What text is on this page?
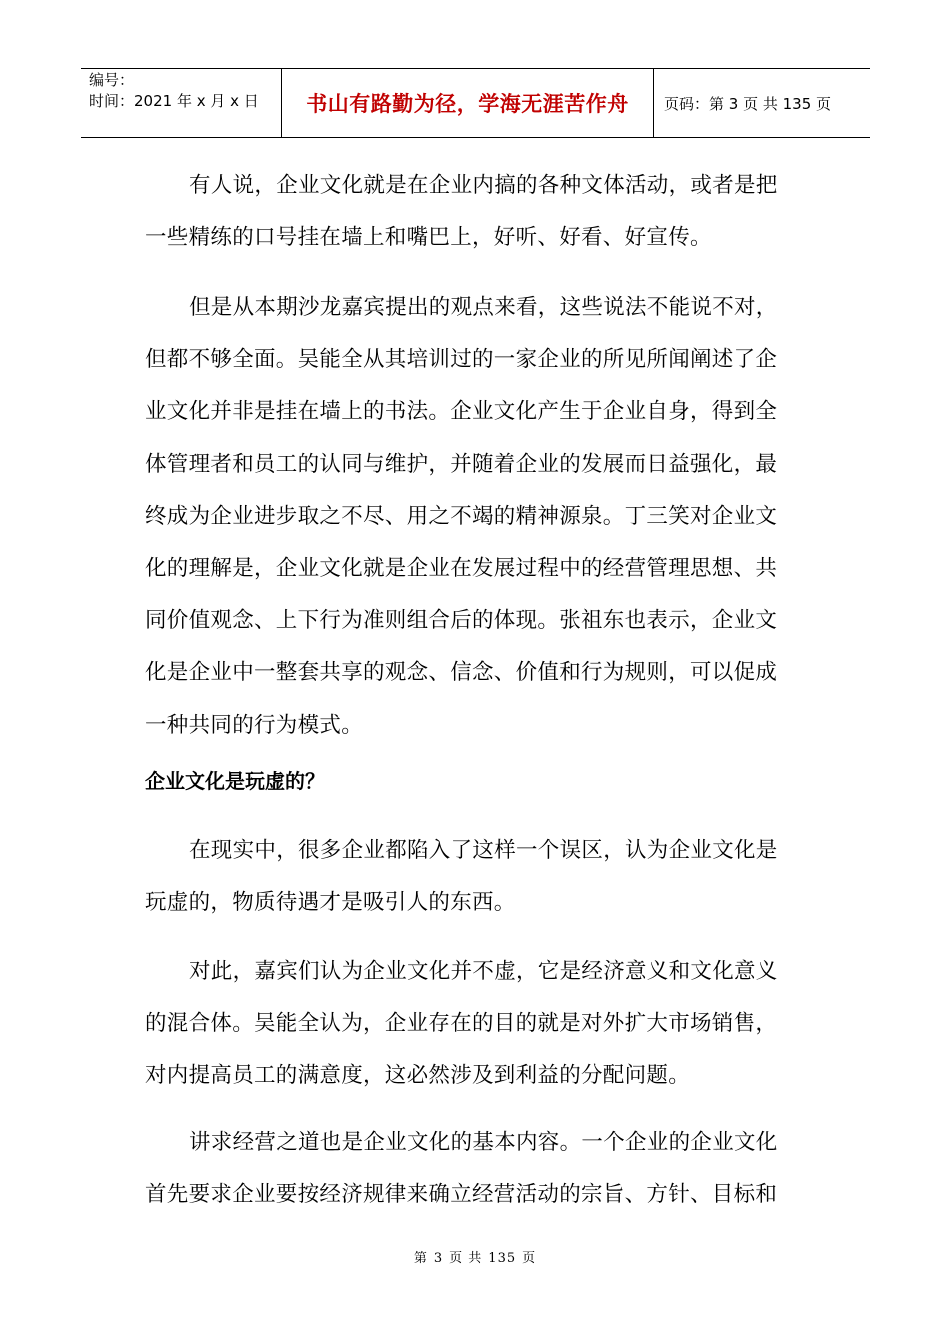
编号：
时间：2021 年 x 月 x 日 书山有路勤为径，学海无涯苦作舟 页码：第 3 页 共 135 页
有人说，企业文化就是在企业内搞的各种文体活动，或者是把
一些精练的口号挂在墙上和嘴巴上，好听、好看、好宣传。
但是从本期沙龙嘉宾提出的观点来看，这些说法不能说不对，
但都不够全面。吴能全从其培训过的一家企业的所见所闻阐述了企
业文化并非是挂在墙上的书法。企业文化产生于企业自身，得到全
体管理者和员工的认同与维护，并随着企业的发展而日益强化，最
终成为企业进步取之不尽、用之不竭的精神源泉。丁三笑对企业文
化的理解是，企业文化就是企业在发展过程中的经营管理思想、共
同价值观念、上下行为准则组合后的体现。张祖东也表示，企业文
化是企业中一整套共享的观念、信念、价值和行为规则，可以促成
一种共同的行为模式。
企业文化是玩虚的？
在现实中，很多企业都陷入了这样一个误区，认为企业文化是
玩虚的，物质待遇才是吸引人的东西。
对此，嘉宾们认为企业文化并不虚，它是经济意义和文化意义
的混合体。吴能全认为，企业存在的目的就是对外扩大市场销售，
对内提高员工的满意度，这必然涉及到利益的分配问题。
讲求经营之道也是企业文化的基本内容。一个企业的企业文化
首先要求企业要按经济规律来确立经营活动的宗旨、方针、目标和
第 3 页 共 135 页
